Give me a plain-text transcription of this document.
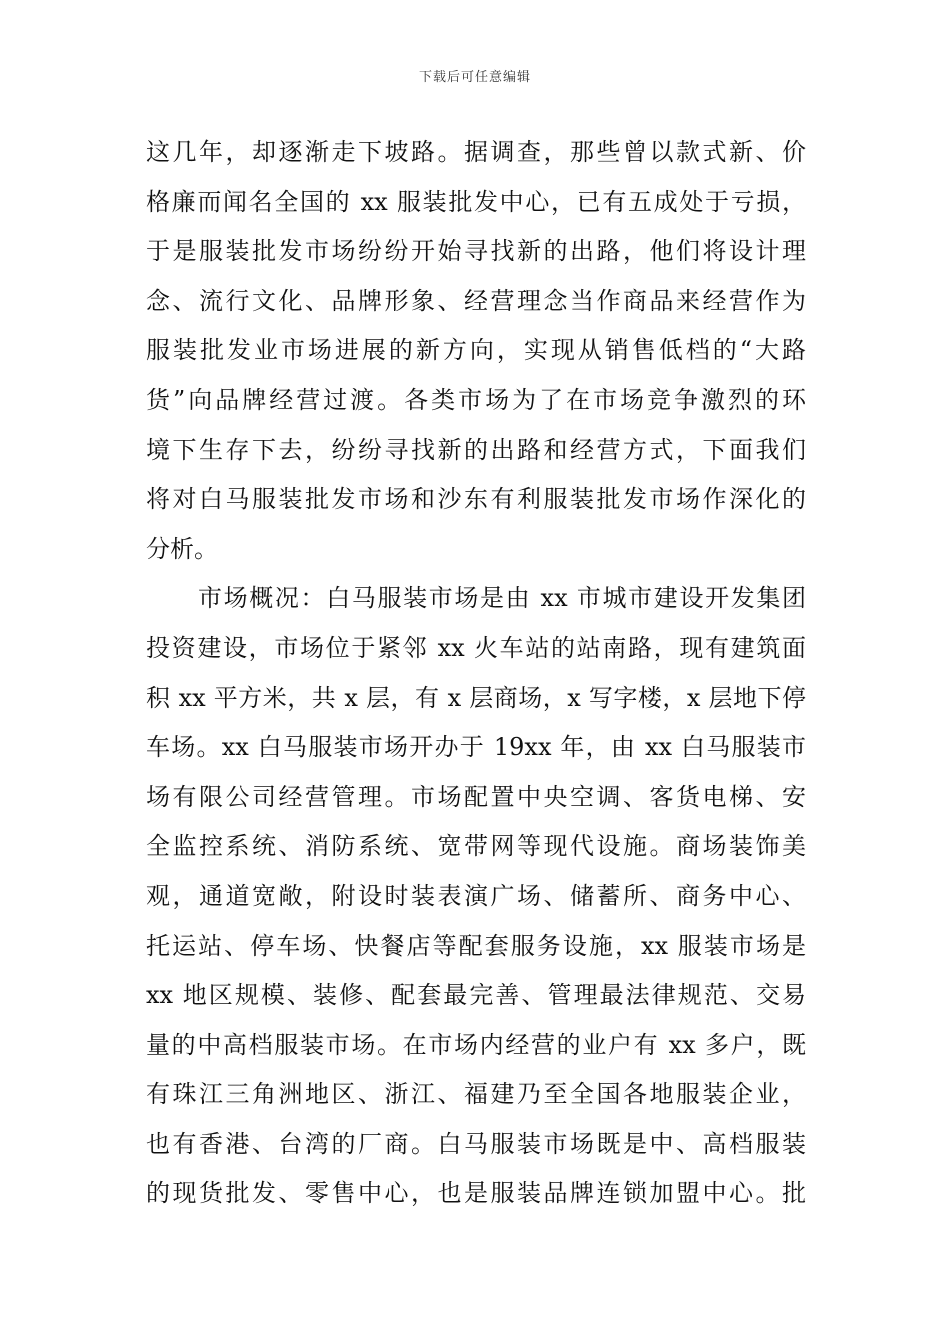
下载后可任意编辑
这几年，却逐渐走下坡路。据调查，那些曾以款式新、价
格廉而闻名全国的 xx 服装批发中心，已有五成处于亏损，
于是服装批发市场纷纷开始寻找新的出路，他们将设计理
念、流行文化、品牌形象、经营理念当作商品来经营作为
服装批发业市场进展的新方向，实现从销售低档的“大路
货”向品牌经营过渡。各类市场为了在市场竞争激烈的环
境下生存下去，纷纷寻找新的出路和经营方式，下面我们
将对白马服装批发市场和沙东有利服装批发市场作深化的
分析。
市场概况：白马服装市场是由 xx 市城市建设开发集团
投资建设，市场位于紧邻 xx 火车站的站南路，现有建筑面
积 xx 平方米，共 x 层，有 x 层商场，x 写字楼，x 层地下停
车场。xx 白马服装市场开办于 19xx 年，由 xx 白马服装市
场有限公司经营管理。市场配置中央空调、客货电梯、安
全监控系统、消防系统、宽带网等现代设施。商场装饰美
观，通道宽敞，附设时装表演广场、储蓄所、商务中心、
托运站、停车场、快餐店等配套服务设施，xx 服装市场是
xx 地区规模、装修、配套最完善、管理最法律规范、交易
量的中高档服装市场。在市场内经营的业户有 xx 多户，既
有珠江三角洲地区、浙江、福建乃至全国各地服装企业，
也有香港、台湾的厂商。白马服装市场既是中、高档服装
的现货批发、零售中心，也是服装品牌连锁加盟中心。批
